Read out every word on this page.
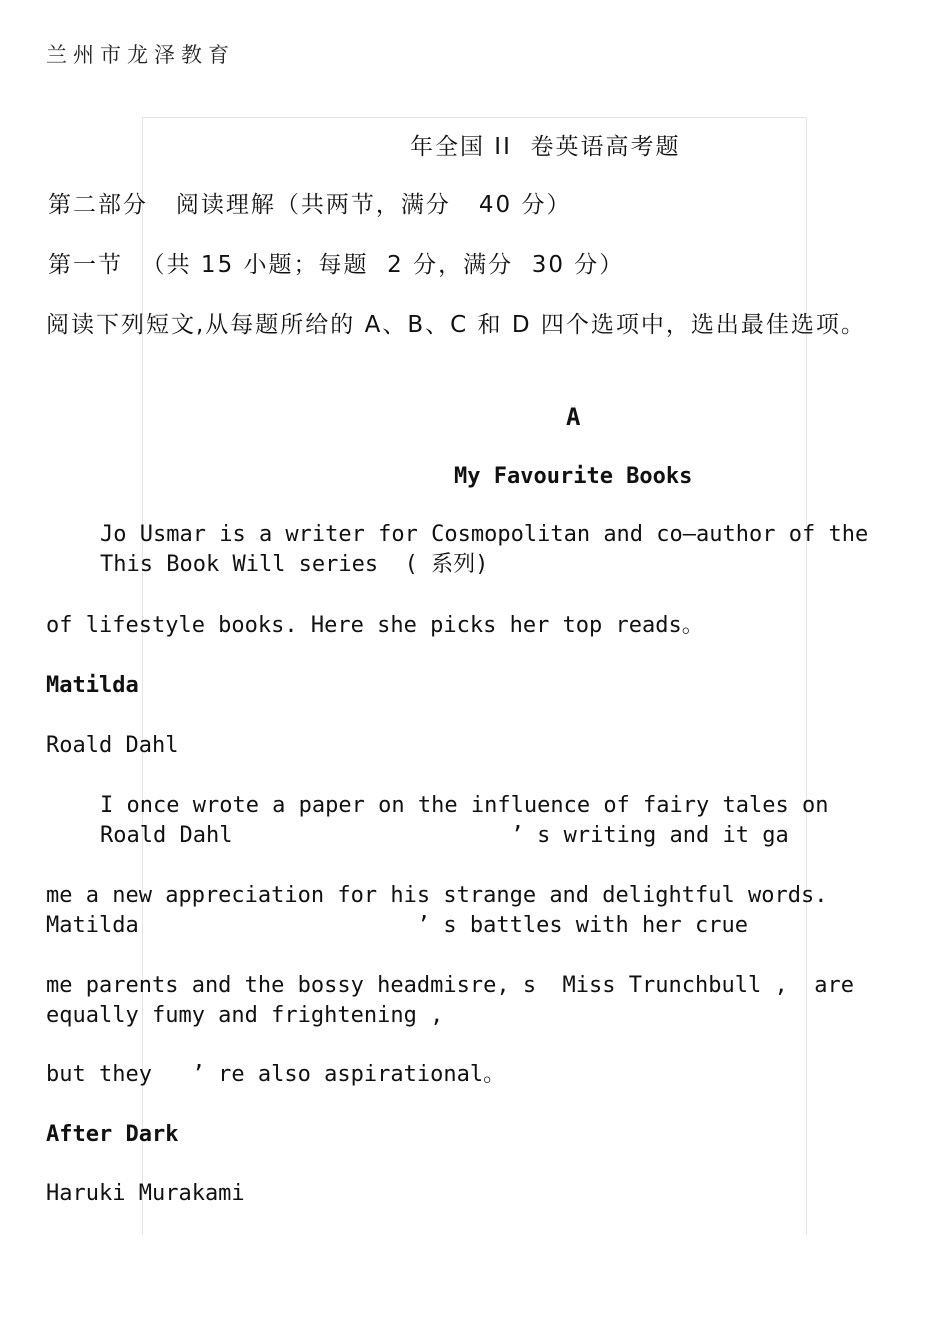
兰州市龙泽教育
年全国 II  卷英语高考题
第二部分   阅读理解（共两节，满分   40 分）
第一节  （共 15 小题；每题  2 分，满分  30 分）
阅读下列短文,从每题所给的 A、B、C 和 D 四个选项中，选出最佳选项。
A
My Favourite Books
Jo Usmar is a writer for Cosmopolitan and co—author of the
This Book Will series  ( 系列)
of lifestyle books. Here she picks her top reads。
Matilda
Roald Dahl
I once wrote a paper on the influence of fairy tales on
Roald Dahl                     ’ s writing and it ga
me a new appreciation for his strange and delightful words.
Matilda                     ’ s battles with her crue
me parents and the bossy headmisre, s  Miss Trunchbull ,  are
equally fumy and frightening ,
but they   ’ re also aspirational。
After Dark
Haruki Murakami
